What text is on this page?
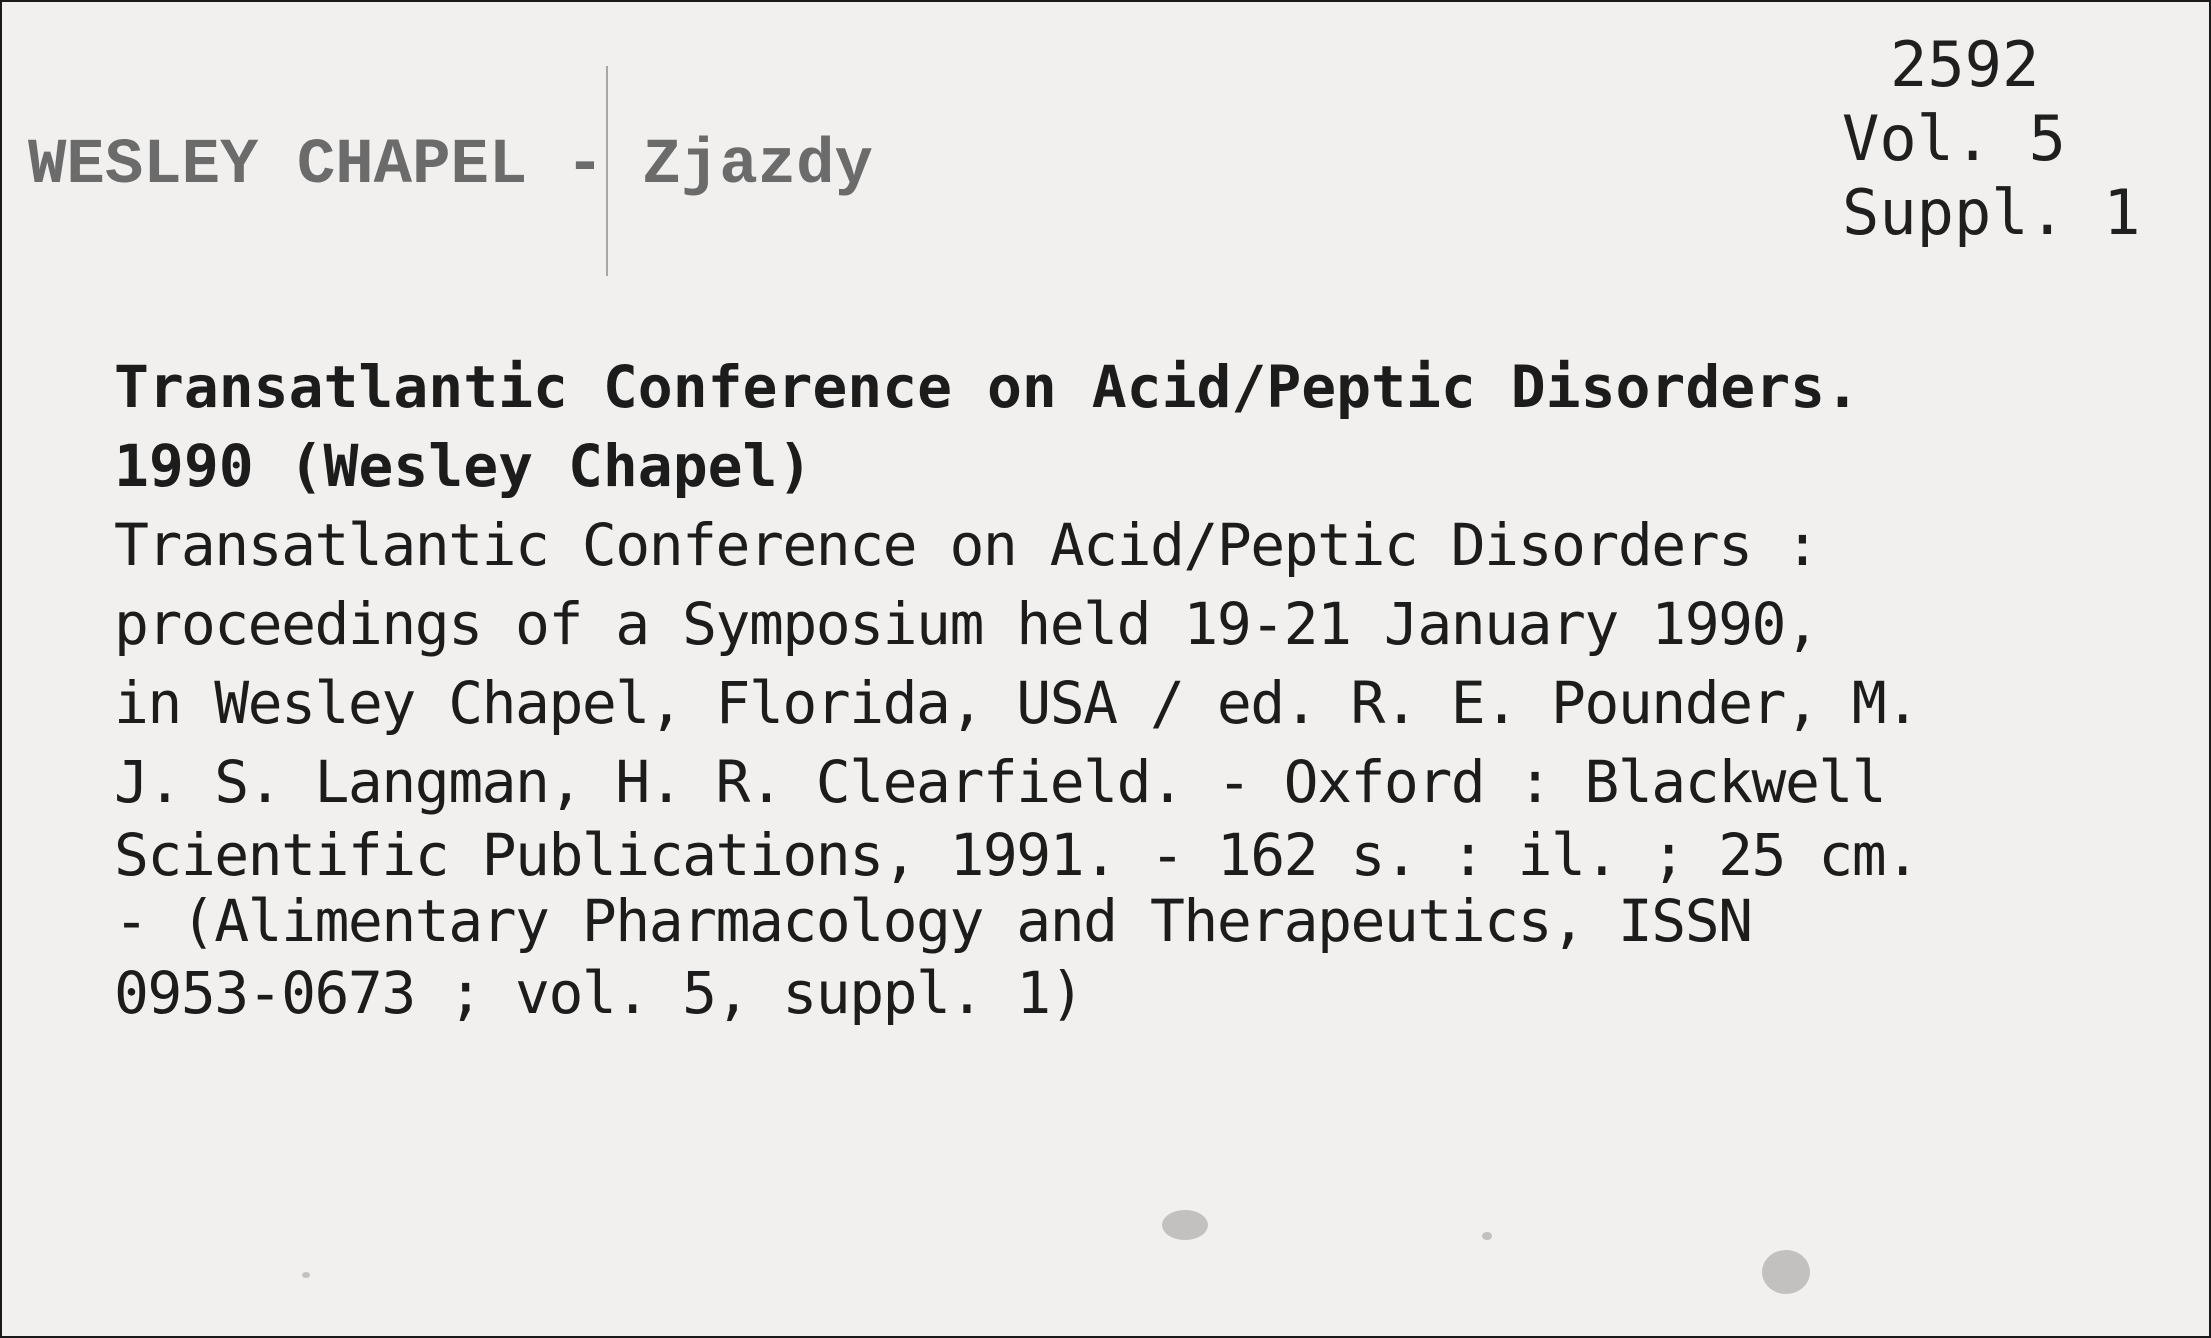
WESLEY CHAPEL - Zjazdy
2592
Vol. 5
Suppl. 1
Transatlantic Conference on Acid/Peptic Disorders.
1990 (Wesley Chapel)
Transatlantic Conference on Acid/Peptic Disorders :
proceedings of a Symposium held 19-21 January 1990,
in Wesley Chapel, Florida, USA / ed. R. E. Pounder, M.
J. S. Langman, H. R. Clearfield. - Oxford : Blackwell
Scientific Publications, 1991. - 162 s. : il. ; 25 cm.
- (Alimentary Pharmacology and Therapeutics, ISSN
0953-0673 ; vol. 5, suppl. 1)
